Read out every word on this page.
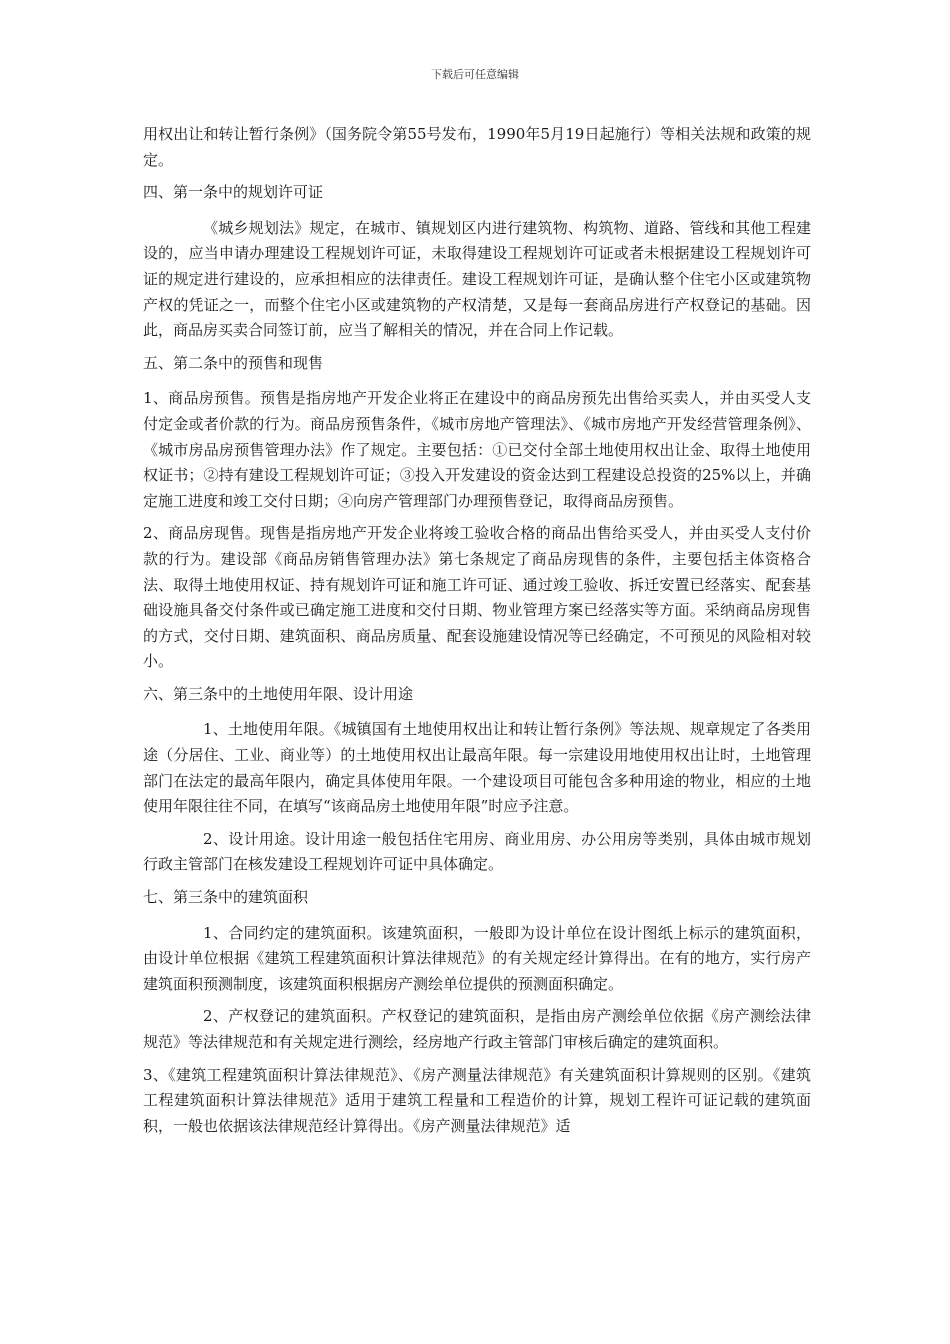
下载后可任意编辑

用权出让和转让暂行条例》（国务院令第55号发布，1990年5月19日起施行）等相关法规和政策的规定。

四、第一条中的规划许可证

《城乡规划法》规定，在城市、镇规划区内进行建筑物、构筑物、道路、管线和其他工程建设的，应当申请办理建设工程规划许可证，未取得建设工程规划许可证或者未根据建设工程规划许可证的规定进行建设的，应承担相应的法律责任。建设工程规划许可证，是确认整个住宅小区或建筑物产权的凭证之一，而整个住宅小区或建筑物的产权清楚，又是每一套商品房进行产权登记的基础。因此，商品房买卖合同签订前，应当了解相关的情况，并在合同上作记载。

五、第二条中的预售和现售

1、商品房预售。预售是指房地产开发企业将正在建设中的商品房预先出售给买卖人，并由买受人支付定金或者价款的行为。商品房预售条件，《城市房地产管理法》、《城市房地产开发经营管理条例》、《城市房品房预售管理办法》作了规定。主要包括：①已交付全部土地使用权出让金、取得土地使用权证书；②持有建设工程规划许可证；③投入开发建设的资金达到工程建设总投资的25%以上，并确定施工进度和竣工交付日期；④向房产管理部门办理预售登记，取得商品房预售。

2、商品房现售。现售是指房地产开发企业将竣工验收合格的商品出售给买受人，并由买受人支付价款的行为。建设部《商品房销售管理办法》第七条规定了商品房现售的条件，主要包括主体资格合法、取得土地使用权证、持有规划许可证和施工许可证、通过竣工验收、拆迁安置已经落实、配套基础设施具备交付条件或已确定施工进度和交付日期、物业管理方案已经落实等方面。采纳商品房现售的方式，交付日期、建筑面积、商品房质量、配套设施建设情况等已经确定，不可预见的风险相对较小。

六、第三条中的土地使用年限、设计用途

1、土地使用年限。《城镇国有土地使用权出让和转让暂行条例》等法规、规章规定了各类用途（分居住、工业、商业等）的土地使用权出让最高年限。每一宗建设用地使用权出让时，土地管理部门在法定的最高年限内，确定具体使用年限。一个建设项目可能包含多种用途的物业，相应的土地使用年限往往不同，在填写“该商品房土地使用年限”时应予注意。

2、设计用途。设计用途一般包括住宅用房、商业用房、办公用房等类别，具体由城市规划行政主管部门在核发建设工程规划许可证中具体确定。

七、第三条中的建筑面积

1、合同约定的建筑面积。该建筑面积，一般即为设计单位在设计图纸上标示的建筑面积，由设计单位根据《建筑工程建筑面积计算法律规范》的有关规定经计算得出。在有的地方，实行房产建筑面积预测制度，该建筑面积根据房产测绘单位提供的预测面积确定。

2、产权登记的建筑面积。产权登记的建筑面积，是指由房产测绘单位依据《房产测绘法律规范》等法律规范和有关规定进行测绘，经房地产行政主管部门审核后确定的建筑面积。

3、《建筑工程建筑面积计算法律规范》、《房产测量法律规范》有关建筑面积计算规则的区别。《建筑工程建筑面积计算法律规范》适用于建筑工程量和工程造价的计算，规划工程许可证记载的建筑面积，一般也依据该法律规范经计算得出。《房产测量法律规范》适
